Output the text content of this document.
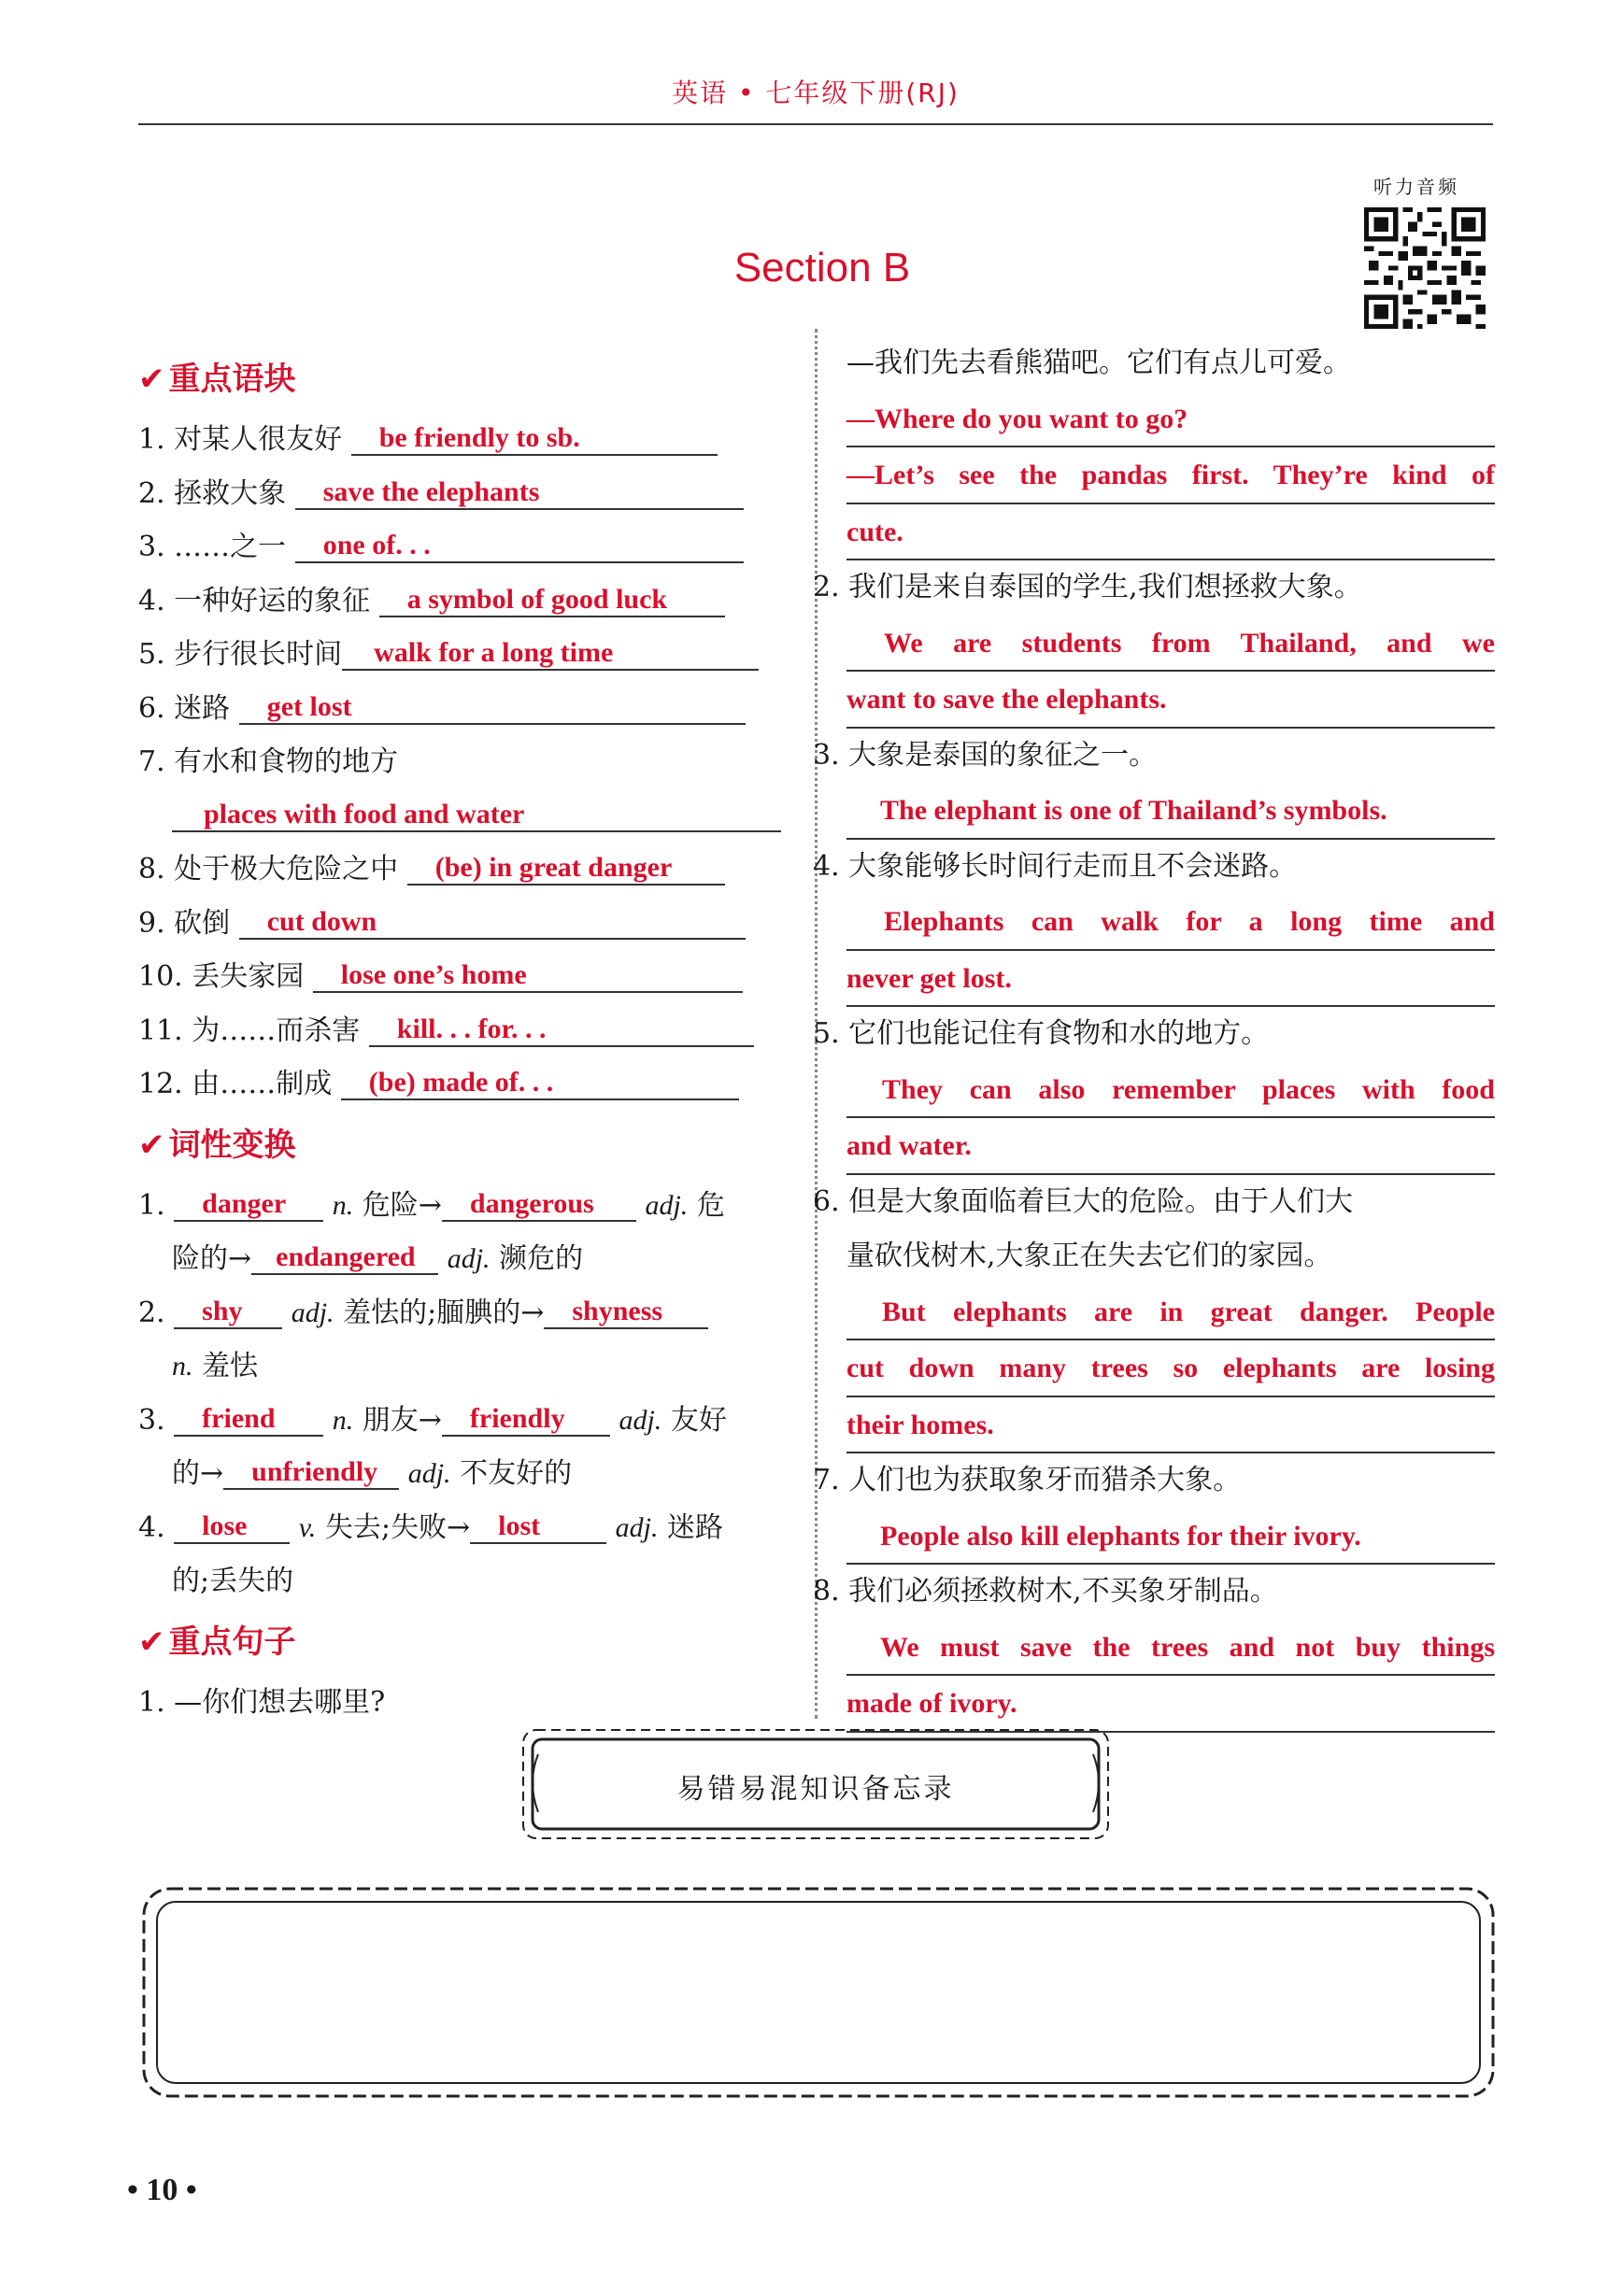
英语 • 七年级下册(RJ)
听力音频
Section B
✔ 重点语块
1. 对某人很友好 be friendly to sb.
2. 拯救大象 save the elephants
3. ……之一 one of. . .
4. 一种好运的象征 a symbol of good luck
5. 步行很长时间 walk for a long time
6. 迷路 get lost
7. 有水和食物的地方
places with food and water
8. 处于极大危险之中 (be) in great danger
9. 砍倒 cut down
10. 丢失家园 lose one’s home
11. 为……而杀害 kill. . . for. . .
12. 由……制成 (be) made of. . .
✔ 词性变换
1. danger n. 危险→ dangerous adj. 危
险的→ endangered adj. 濒危的
2. shy adj. 羞怯的;腼腆的→ shyness
n. 羞怯
3. friend n. 朋友→ friendly adj. 友好
的→ unfriendly adj. 不友好的
4. lose v. 失去;失败→ lost	adj. 迷路
的;丢失的
✔ 重点句子
1. —你们想去哪里?
—我们先去看熊猫吧。它们有点儿可爱。
—Where do you want to go?
—Let’s see the pandas first. They’re kind of
cute.
2. 我们是来自泰国的学生,我们想拯救大象。
We are students from Thailand, and we
want to save the elephants.
3. 大象是泰国的象征之一。
The elephant is one of Thailand’s symbols.
4. 大象能够长时间行走而且不会迷路。
Elephants can walk for a long time and
never get lost.
5. 它们也能记住有食物和水的地方。
They can also remember places with food
and water.
6. 但是大象面临着巨大的危险。由于人们大
量砍伐树木,大象正在失去它们的家园。
But elephants are in great danger. People
cut down many trees so elephants are losing
their homes.
7. 人们也为获取象牙而猎杀大象。
People also kill elephants for their ivory.
8. 我们必须拯救树木,不买象牙制品。
We must save the trees and not buy things
made of ivory.
易错易混知识备忘录
• 10 •
